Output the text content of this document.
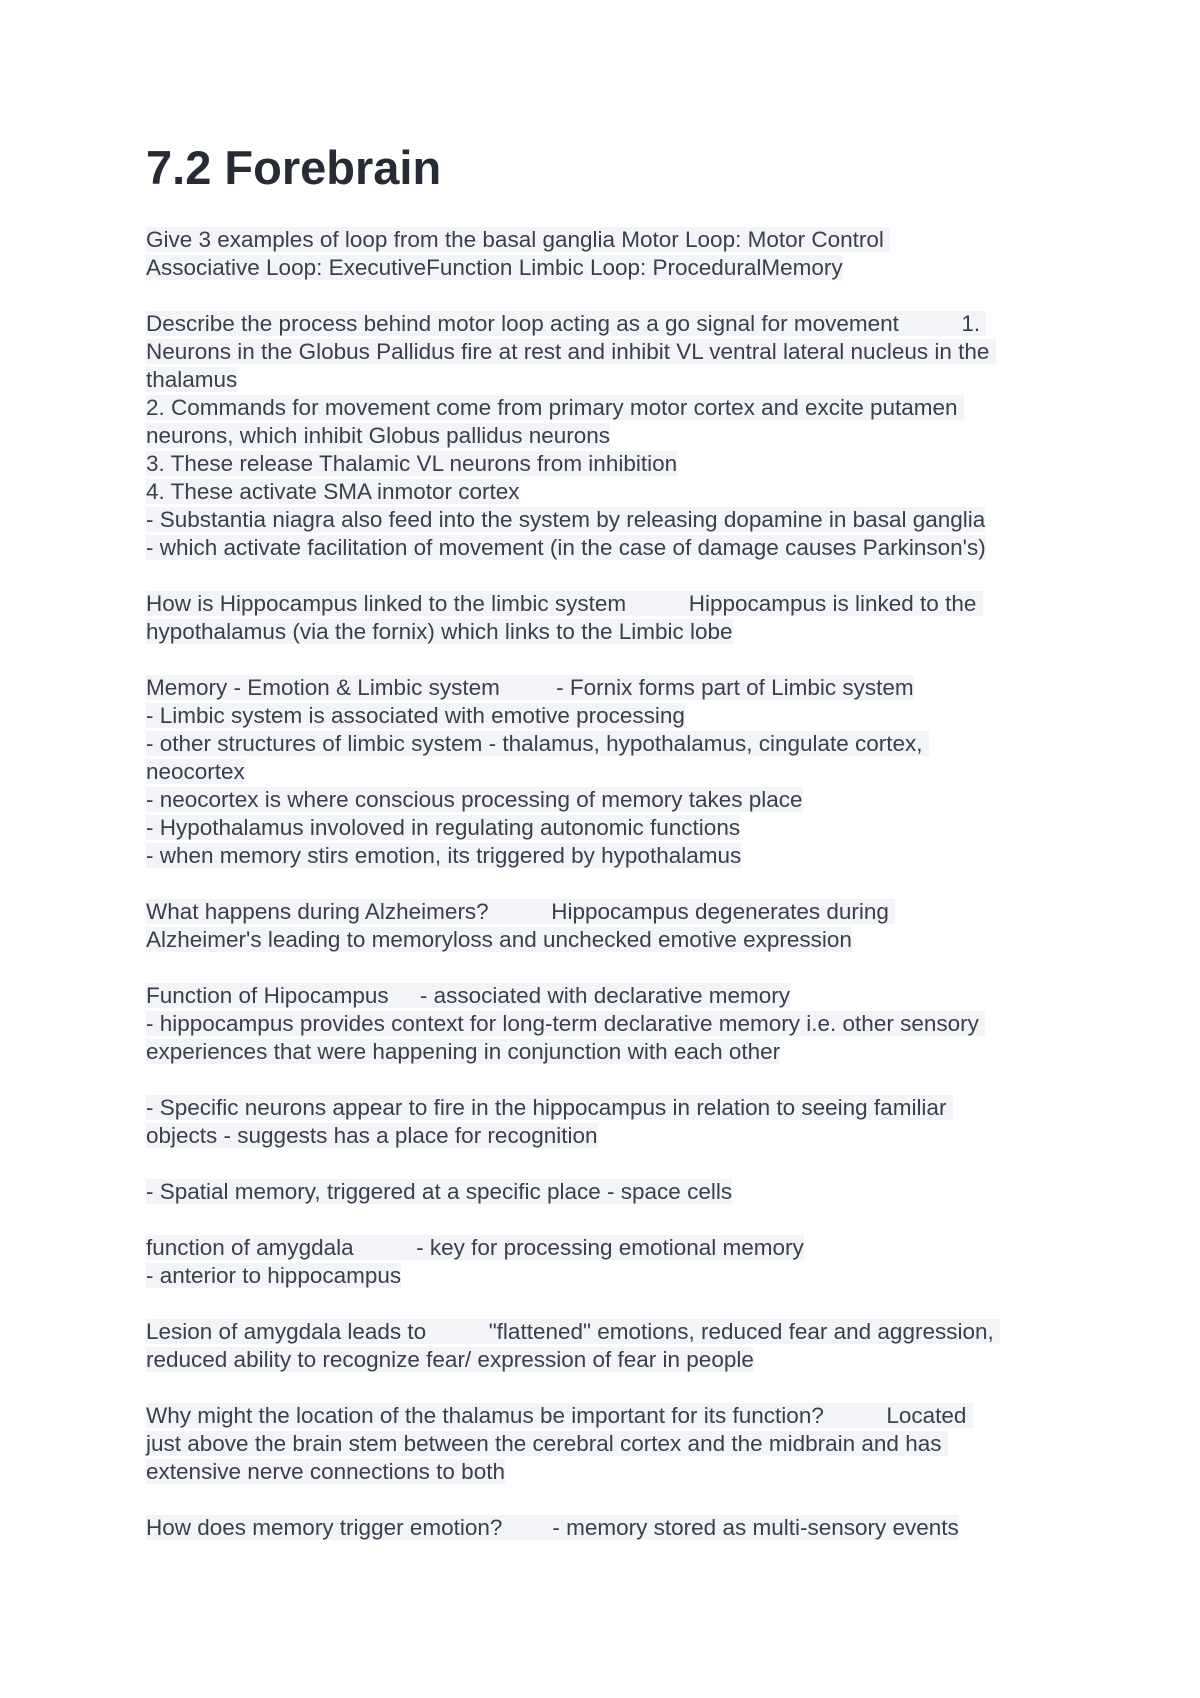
7.2 Forebrain
Give 3 examples of loop from the basal ganglia Motor Loop: Motor Control
Associative Loop: ExecutiveFunction Limbic Loop: ProceduralMemory
Describe the process behind motor loop acting as a go signal for movement          1.
Neurons in the Globus Pallidus fire at rest and inhibit VL ventral lateral nucleus in the
thalamus
2. Commands for movement come from primary motor cortex and excite putamen
neurons, which inhibit Globus pallidus neurons
3. These release Thalamic VL neurons from inhibition
4. These activate SMA inmotor cortex
- Substantia niagra also feed into the system by releasing dopamine in basal ganglia
- which activate facilitation of movement (in the case of damage causes Parkinson's)
How is Hippocampus linked to the limbic system          Hippocampus is linked to the
hypothalamus (via the fornix) which links to the Limbic lobe
Memory - Emotion & Limbic system         - Fornix forms part of Limbic system
- Limbic system is associated with emotive processing
- other structures of limbic system - thalamus, hypothalamus, cingulate cortex,
neocortex
- neocortex is where conscious processing of memory takes place
- Hypothalamus involoved in regulating autonomic functions
- when memory stirs emotion, its triggered by hypothalamus
What happens during Alzheimers?          Hippocampus degenerates during
Alzheimer's leading to memoryloss and unchecked emotive expression
Function of Hipocampus     - associated with declarative memory
- hippocampus provides context for long-term declarative memory i.e. other sensory
experiences that were happening in conjunction with each other

- Specific neurons appear to fire in the hippocampus in relation to seeing familiar
objects - suggests has a place for recognition

- Spatial memory, triggered at a specific place - space cells
function of amygdala          - key for processing emotional memory
- anterior to hippocampus
Lesion of amygdala leads to          "flattened" emotions, reduced fear and aggression,
reduced ability to recognize fear/ expression of fear in people
Why might the location of the thalamus be important for its function?          Located
just above the brain stem between the cerebral cortex and the midbrain and has
extensive nerve connections to both
How does memory trigger emotion?        - memory stored as multi-sensory events
